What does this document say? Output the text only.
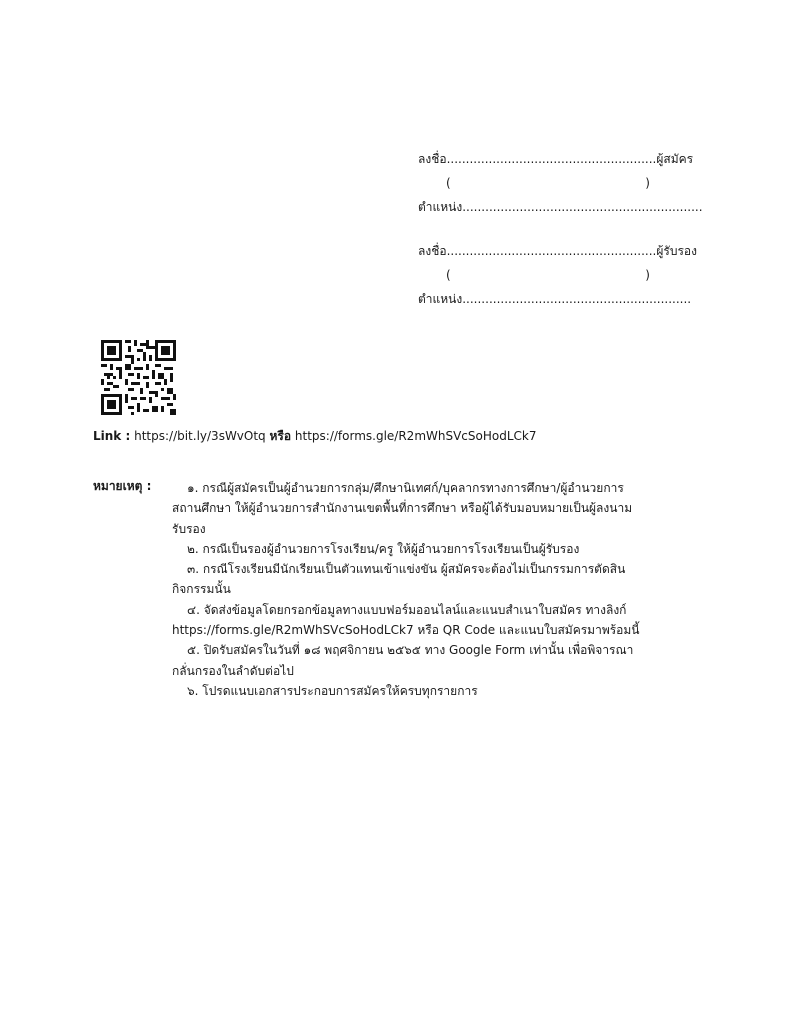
ลงชื่อ.......................................................ผู้สมัคร
(                                                   )
ตำแหน่ง...............................................................
ลงชื่อ.......................................................ผู้รับรอง
(                                                   )
ตำแหน่ง............................................................
Link : https://bit.ly/3sWvOtq หรือ https://forms.gle/R2mWhSVcSoHodLCk7
หมายเหตุ :	๑. กรณีผู้สมัครเป็นผู้อำนวยการกลุ่ม/ศึกษานิเทศก์/บุคลากรทางการศึกษา/ผู้อำนวยการ
สถานศึกษา ให้ผู้อำนวยการสำนักงานเขตพื้นที่การศึกษา หรือผู้ได้รับมอบหมายเป็นผู้ลงนาม
รับรอง
๒. กรณีเป็นรองผู้อำนวยการโรงเรียน/ครู ให้ผู้อำนวยการโรงเรียนเป็นผู้รับรอง
๓. กรณีโรงเรียนมีนักเรียนเป็นตัวแทนเข้าแข่งขัน ผู้สมัครจะต้องไม่เป็นกรรมการตัดสิน
กิจกรรมนั้น
๔. จัดส่งข้อมูลโดยกรอกข้อมูลทางแบบฟอร์มออนไลน์และแนบสำเนาใบสมัคร ทางลิงก์
https://forms.gle/R2mWhSVcSoHodLCk7 หรือ QR Code และแนบใบสมัครมาพร้อมนี้
๕. ปิดรับสมัครในวันที่ ๑๘ พฤศจิกายน ๒๕๖๕ ทาง Google Form เท่านั้น เพื่อพิจารณา
กลั่นกรองในลำดับต่อไป
๖. โปรดแนบเอกสารประกอบการสมัครให้ครบทุกรายการ
